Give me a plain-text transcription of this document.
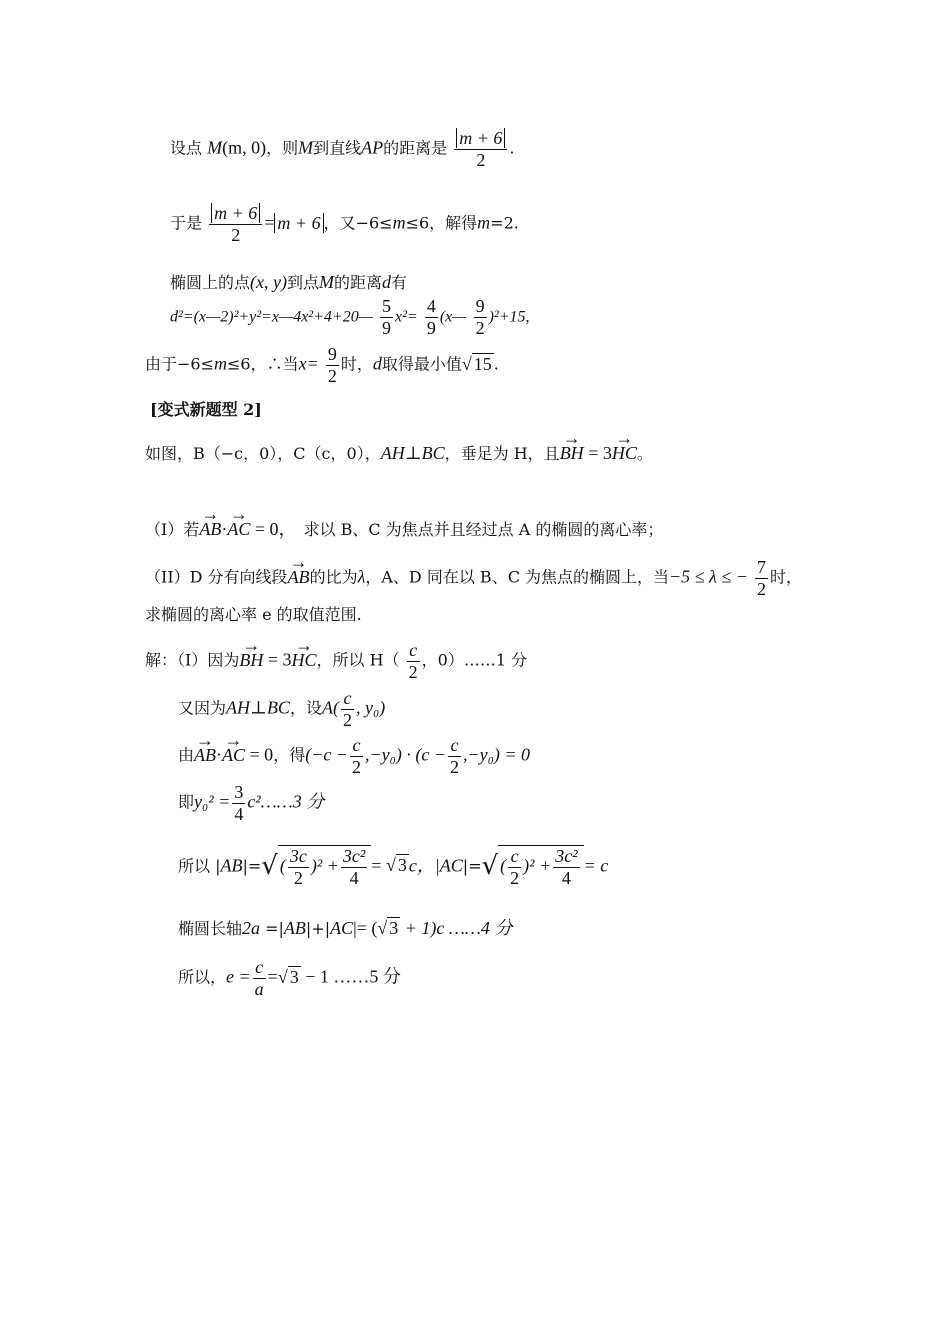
设点 M(m, 0)，则M到直线AP的距离是 $\frac{m + 6}{2}$ .
于是 $\frac{m + 6}{2} = m + 6$ ，又−6≤m≤6，解得m=2.
椭圆上的点(x, y)到点M的距离d有
d²=(x—2)²+y²=x—4x²+4+20— $\frac{5}{9} x^2= \frac{4}{9}$ (x— $\frac{9}{2} )^2+15$,
由于−6≤m≤6，∴当$x= \frac{9}{2}$ 时，d取得最小值√ 15 .
[变式新题型 2]
如图，B（−c，0），C（c，0），AH⊥BC，垂足为 H，且→ BH = 3→ HC。
（I）若→ AB·→ AC = 0，　求以 B、C 为焦点并且经过点 A 的椭圆的离心率；
（II）D 分有向线段→ AB的比为λ，A、D 同在以 B、C 为焦点的椭圆上，当−5 ≤ λ ≤ − $\frac{7}{2}$ 时，
求椭圆的离心率 e 的取值范围.
解：（I）因为→ BH = 3→ HC，所以 $H( \frac{c}{2}$ ，0）……1 分
又因为AH⊥BC，设$A( \frac{c}{2}$ , y₀)
由→ AB·→ AC = 0，得$(-c - \frac{c}{2} ,-y_0) \cdot (c - \frac{c}{2} ,-y_0) = 0$
即$y_0^2 = \frac{3}{4}$ c²……3 分
所以 |AB|=√ ( $\frac{3c}{2} )^2 + \frac{\text{3c²}}{4}$ = √ 3 c，|AC|=√ ( $\frac{c}{2} )^2 + \frac{\text{3c²}}{4} = c$
椭圆长轴2a =|AB|+|AC|= (√ 3 + 1)c ……4 分
所以，$e = \frac{c}{a}$ =√ 3 − 1 ……5 分
